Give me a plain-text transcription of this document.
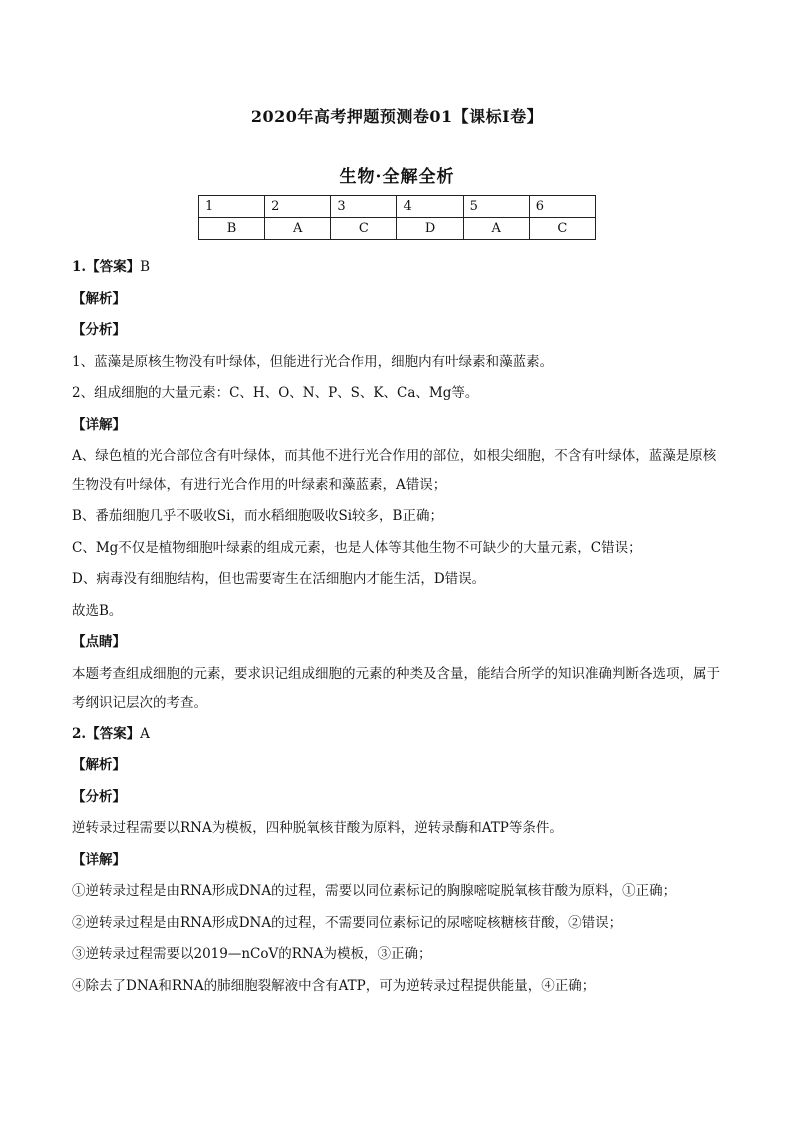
2020年高考押题预测卷01【课标I卷】
生物·全解全析
1	2	3	4	5	6
B	A	C	D	A	C

1.【答案】B

【解析】

【分析】

1、蓝藻是原核生物没有叶绿体，但能进行光合作用，细胞内有叶绿素和藻蓝素。

2、组成细胞的大量元素：C、H、O、N、P、S、K、Ca、Mg等。

【详解】

A、绿色植的光合部位含有叶绿体，而其他不进行光合作用的部位，如根尖细胞，不含有叶绿体，蓝藻是原核生物没有叶绿体，有进行光合作用的叶绿素和藻蓝素，A错误；

B、番茄细胞几乎不吸收Si，而水稻细胞吸收Si较多，B正确；

C、Mg不仅是植物细胞叶绿素的组成元素，也是人体等其他生物不可缺少的大量元素，C错误；

D、病毒没有细胞结构，但也需要寄生在活细胞内才能生活，D错误。

故选B。

【点睛】

本题考查组成细胞的元素，要求识记组成细胞的元素的种类及含量，能结合所学的知识准确判断各选项，属于考纲识记层次的考查。

2.【答案】A

【解析】

【分析】

逆转录过程需要以RNA为模板，四种脱氧核苷酸为原料，逆转录酶和ATP等条件。

【详解】

①逆转录过程是由RNA形成DNA的过程，需要以同位素标记的胸腺嘧啶脱氧核苷酸为原料，①正确；

②逆转录过程是由RNA形成DNA的过程，不需要同位素标记的尿嘧啶核糖核苷酸，②错误；

③逆转录过程需要以2019—nCoV的RNA为模板，③正确；

④除去了DNA和RNA的肺细胞裂解液中含有ATP，可为逆转录过程提供能量，④正确；
